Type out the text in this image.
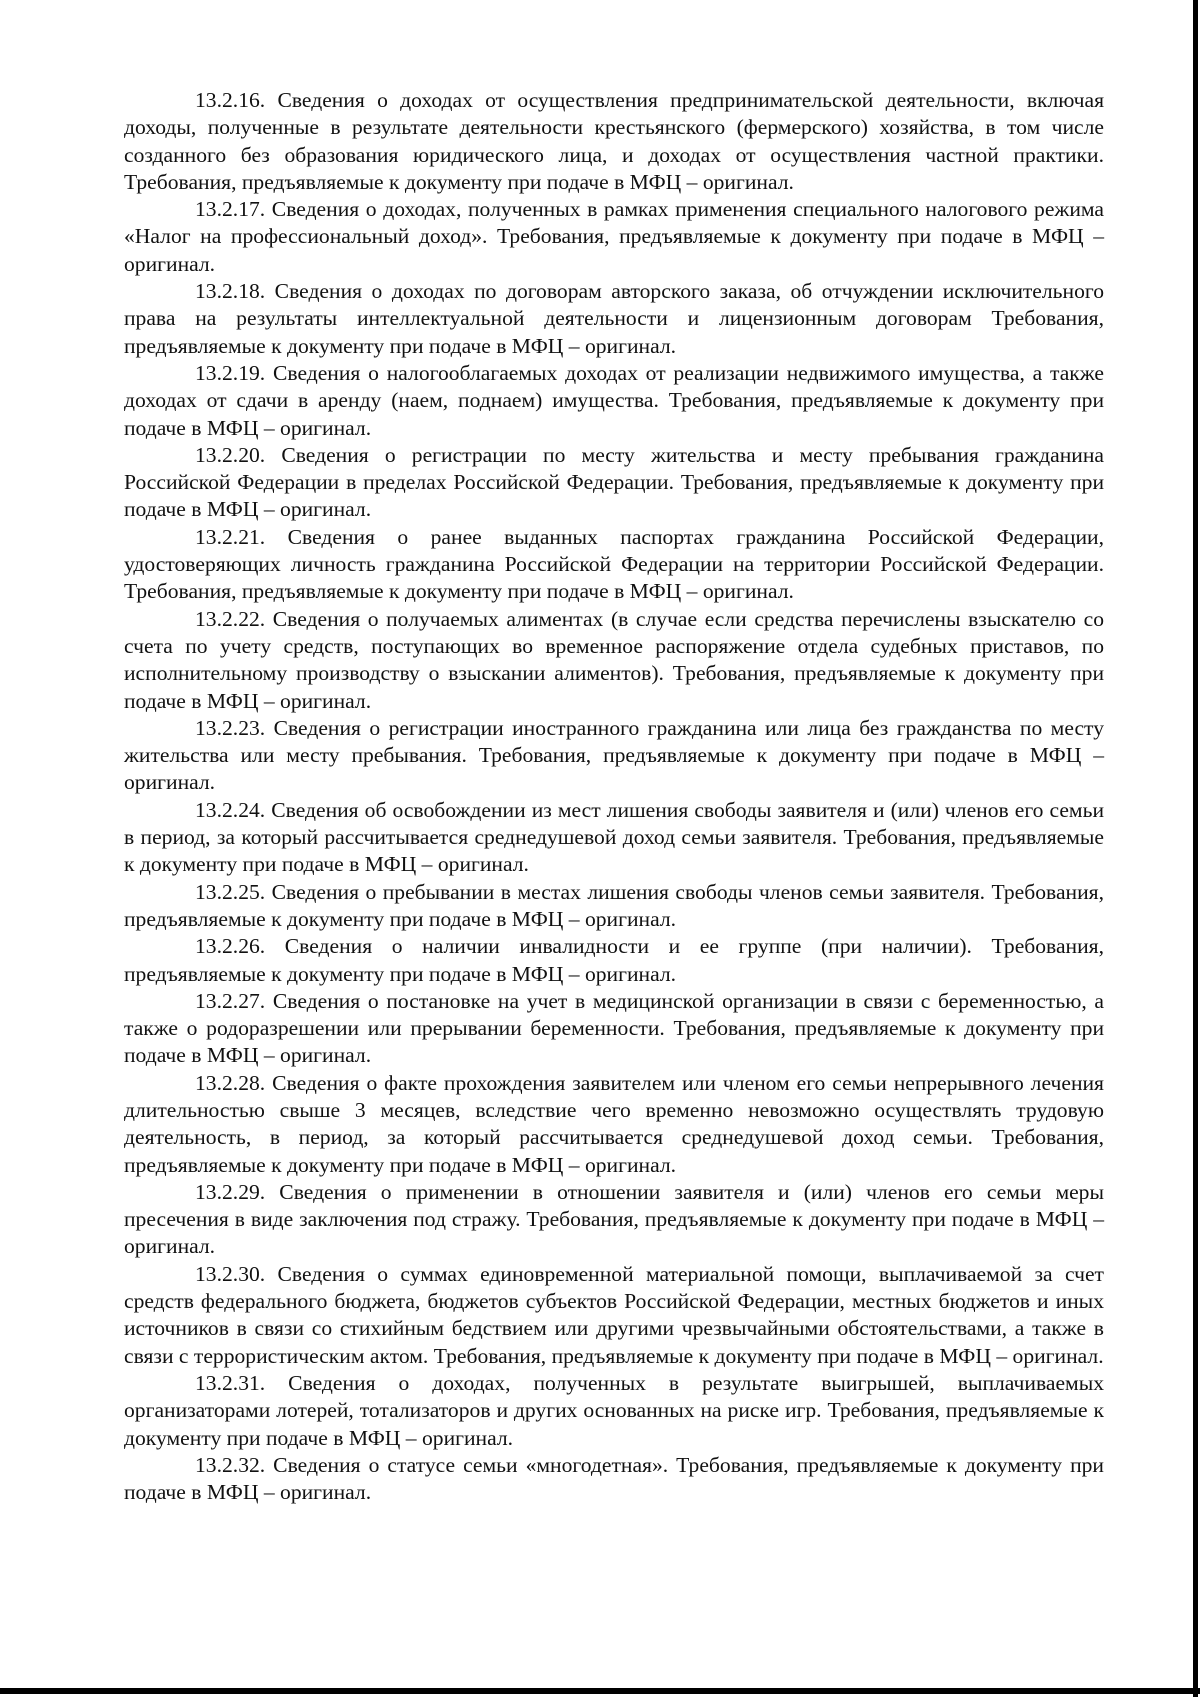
13.2.16. Сведения о доходах от осуществления предпринимательской деятельности, включая доходы, полученные в результате деятельности крестьянского (фермерского) хозяйства, в том числе созданного без образования юридического лица, и доходах от осуществления частной практики. Требования, предъявляемые к документу при подаче в МФЦ – оригинал.

13.2.17. Сведения о доходах, полученных в рамках применения специального налогового режима «Налог на профессиональный доход». Требования, предъявляемые к документу при подаче в МФЦ – оригинал.

13.2.18. Сведения о доходах по договорам авторского заказа, об отчуждении исключительного права на результаты интеллектуальной деятельности и лицензионным договорам Требования, предъявляемые к документу при подаче в МФЦ – оригинал.

13.2.19. Сведения о налогооблагаемых доходах от реализации недвижимого имущества, а также доходах от сдачи в аренду (наем, поднаем) имущества. Требования, предъявляемые к документу при подаче в МФЦ – оригинал.

13.2.20. Сведения о регистрации по месту жительства и месту пребывания гражданина Российской Федерации в пределах Российской Федерации. Требования, предъявляемые к документу при подаче в МФЦ – оригинал.

13.2.21. Сведения о ранее выданных паспортах гражданина Российской Федерации, удостоверяющих личность гражданина Российской Федерации на территории Российской Федерации. Требования, предъявляемые к документу при подаче в МФЦ – оригинал.

13.2.22. Сведения о получаемых алиментах (в случае если средства перечислены взыскателю со счета по учету средств, поступающих во временное распоряжение отдела судебных приставов, по исполнительному производству о взыскании алиментов). Требования, предъявляемые к документу при подаче в МФЦ – оригинал.

13.2.23. Сведения о регистрации иностранного гражданина или лица без гражданства по месту жительства или месту пребывания. Требования, предъявляемые к документу при подаче в МФЦ – оригинал.

13.2.24. Сведения об освобождении из мест лишения свободы заявителя и (или) членов его семьи в период, за который рассчитывается среднедушевой доход семьи заявителя. Требования, предъявляемые к документу при подаче в МФЦ – оригинал.

13.2.25. Сведения о пребывании в местах лишения свободы членов семьи заявителя. Требования, предъявляемые к документу при подаче в МФЦ – оригинал.

13.2.26. Сведения о наличии инвалидности и ее группе (при наличии). Требования, предъявляемые к документу при подаче в МФЦ – оригинал.

13.2.27. Сведения о постановке на учет в медицинской организации в связи с беременностью, а также о родоразрешении или прерывании беременности. Требования, предъявляемые к документу при подаче в МФЦ – оригинал.

13.2.28. Сведения о факте прохождения заявителем или членом его семьи непрерывного лечения длительностью свыше 3 месяцев, вследствие чего временно невозможно осуществлять трудовую деятельность, в период, за который рассчитывается среднедушевой доход семьи. Требования, предъявляемые к документу при подаче в МФЦ – оригинал.

13.2.29. Сведения о применении в отношении заявителя и (или) членов его семьи меры пресечения в виде заключения под стражу. Требования, предъявляемые к документу при подаче в МФЦ – оригинал.

13.2.30. Сведения о суммах единовременной материальной помощи, выплачиваемой за счет средств федерального бюджета, бюджетов субъектов Российской Федерации, местных бюджетов и иных источников в связи со стихийным бедствием или другими чрезвычайными обстоятельствами, а также в связи с террористическим актом. Требования, предъявляемые к документу при подаче в МФЦ – оригинал.

13.2.31. Сведения о доходах, полученных в результате выигрышей, выплачиваемых организаторами лотерей, тотализаторов и других основанных на риске игр. Требования, предъявляемые к документу при подаче в МФЦ – оригинал.

13.2.32. Сведения о статусе семьи «многодетная». Требования, предъявляемые к документу при подаче в МФЦ – оригинал.
